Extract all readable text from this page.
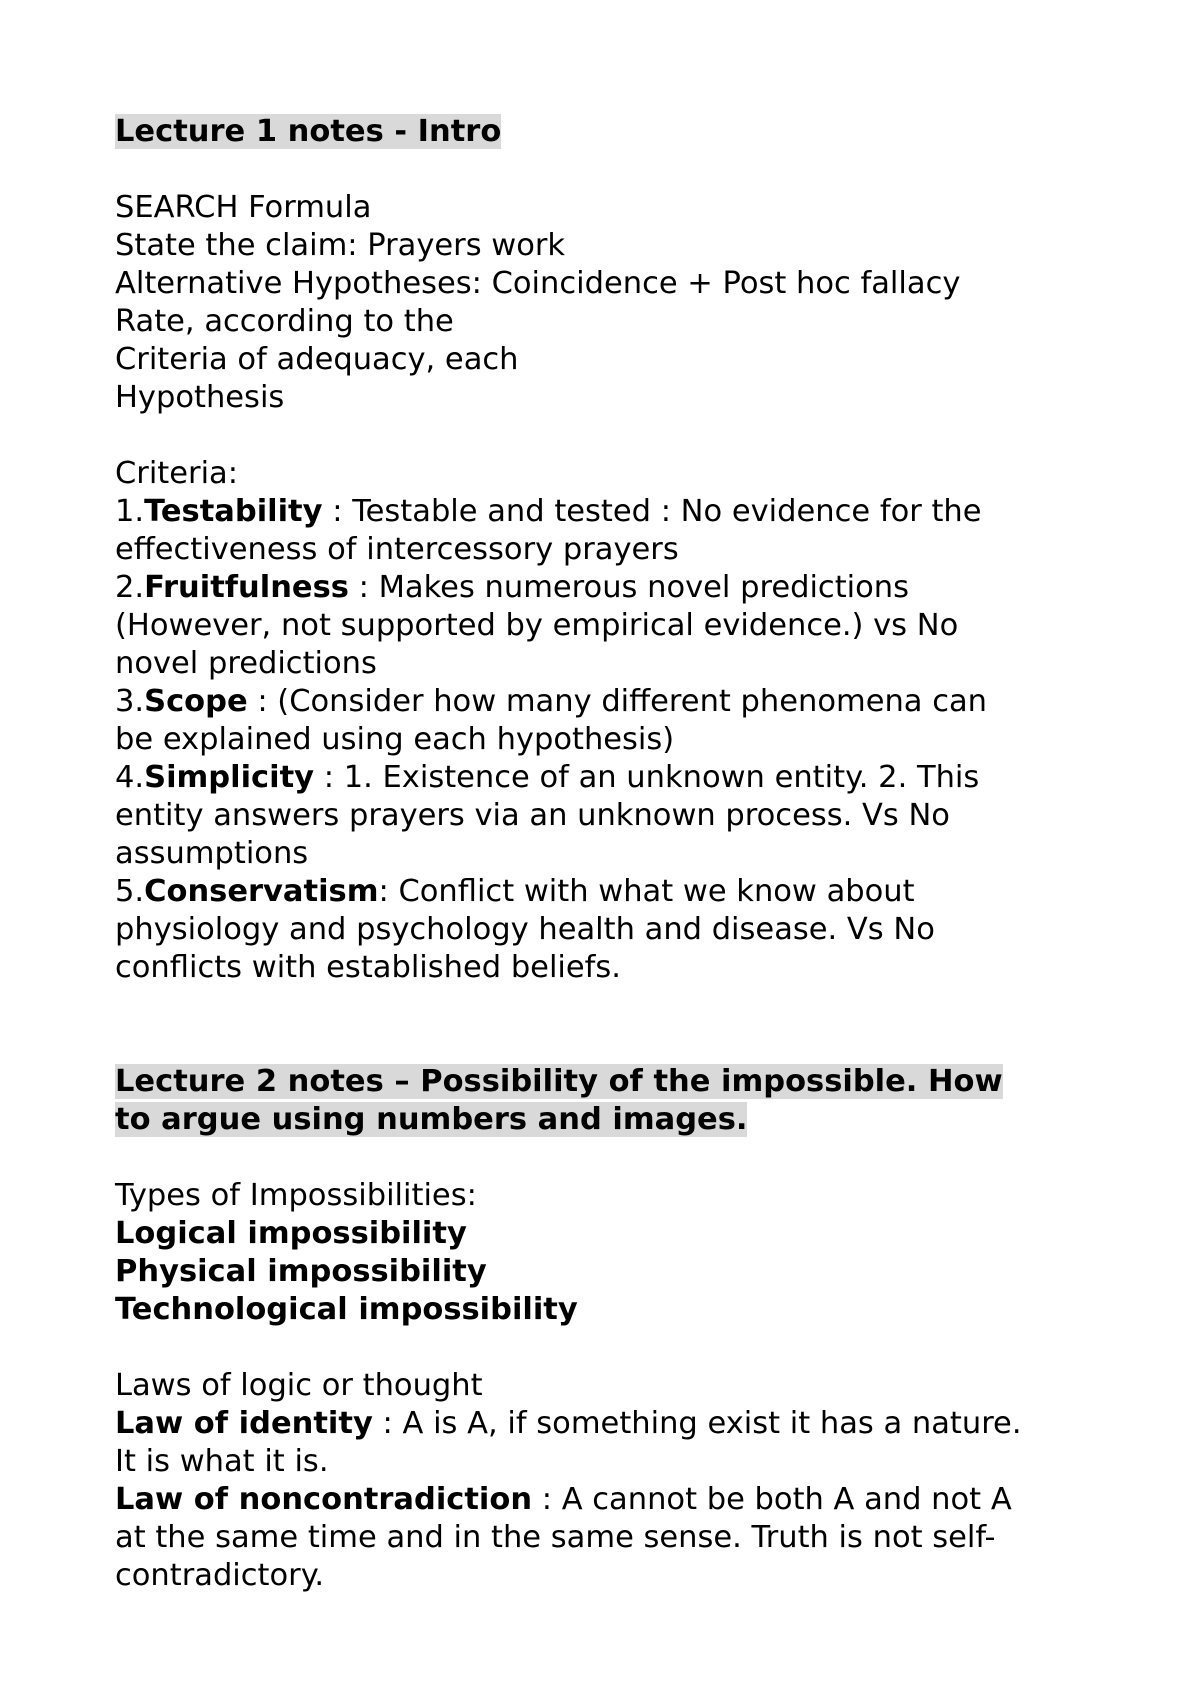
Lecture 1 notes - Intro
SEARCH Formula
State the claim: Prayers work
Alternative Hypotheses: Coincidence + Post hoc fallacy
Rate, according to the
Criteria of adequacy, each
Hypothesis
Criteria:
1.Testability : Testable and tested : No evidence for the
effectiveness of intercessory prayers
2.Fruitfulness : Makes numerous novel predictions
(However, not supported by empirical evidence.) vs No
novel predictions
3.Scope : (Consider how many different phenomena can
be explained using each hypothesis)
4.Simplicity : 1. Existence of an unknown entity. 2. This
entity answers prayers via an unknown process. Vs No
assumptions
5.Conservatism: Conflict with what we know about
physiology and psychology health and disease. Vs No
conflicts with established beliefs.
Lecture 2 notes – Possibility of the impossible. How
to argue using numbers and images.
Types of Impossibilities:
Logical impossibility
Physical impossibility
Technological impossibility
Laws of logic or thought
Law of identity : A is A, if something exist it has a nature.
It is what it is.
Law of noncontradiction : A cannot be both A and not A
at the same time and in the same sense. Truth is not self-
contradictory.
